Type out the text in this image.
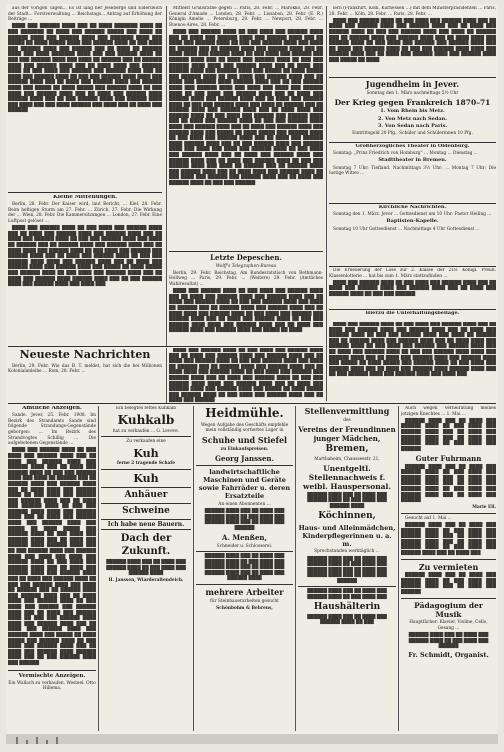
aus der vorigen Tagen... Es ist lang her Jeseberge und Eiderdeich der Stadt... Forstverwaltung ... Reichstags... Antrag auf Erhöhung der Beiträge ...

████ ███ ██████ ████ ███ ██ ████ ███████ ████ ██ ███ ███████ ██ ████ ███ ██████ █████ ███ ████ ██ ██████ ████ ███ ██████ ████ ███ ███████ ████ ███ █████ ██ ████ █████ ████ ███ ██████ ████ ██ ███ ████ ███ ██████ ████ ███ ██████ ███ ██ ████ ██ ██████ ████ ███ ████ ███████ ████ ███ ███ ██████ ████ ██ ███ ███ ██████ ████ ███ ████ ██ ██████ ███ ██ ██████ ████ ███ ██████ ████ ███ ██ ████ ████ ███ ██████ ████ ██ ███ ████ ███ ██████ ███ ██████ ████ ███ ██ ████ ███ ██████ ████ ██ ███ ███ ██████ ████ ████ ███ ██████ ████ ███ ██ ████ ███ ██████ ████ ███ ██████ ████ ███ █████ ██ ████ █████ ███ ██████ ████ ██ ███ ████ ███ ██████ ████ ███ ██ ████ ███ ██████ ████ ██████ ████ ███ ██ ███ ██████ ████ ███ ██████ ████ ███ ████ ███ ███ ████ ██████ ███ ████ ███ ██ ████ ███ ██████

Kleine Mitteilungen.

Berlin, 28. Febr. Der Kaiser wird, laut Bericht, ... Kiel, 28. Febr. Beim heftigen Sturm am 27. Febr. ... Zürich, 27. Febr. Die Wirkung der ... Wien, 28. Febr. Die Kammersitzungen ... London, 27. Febr. Eine Luftpost gelöset ...

████ ███ ██████ ████ ██ ███ ████ ███ ██████ ████ ███ ██ ████ ███ ██████ ████ ███ ██████ ████ ███ ██ ████ ███ ██████ ████ ██ ███ ███ ██████ ████ ███ ████ ██ ██████ ███ ██ ██████ ████ ███ ██████ ████ ███ ██ ████ ████ ███ ██████ ████ ██ ███ ████ ███ ██████ ███ ██████ ████ ███ ██ ████ ███ ██████ ████ ██ ███ ███ ██████ ████ ████ ███ ██████ ████ ███ ██ ████ ███ ██████ ████ ███ ██████ ████ ███ █████ ██ ████ █████ ███ ██████ ████ ██ ███ ████ ███ ██████ ████ ███ ██ ████ ███ ██████ ████ ██████ ████ ███ ██ ███ ██████ ████ ███ ██████ ████ ███ ████ ███

Mittelst Grubsrathe gegen ... Paris, 28. Febr. ... Marokko, 28. Febr. General d'Amade ... London, 28. Febr. ... Lissabon, 28. Febr. (E. R.) Königin Amelie ... Petersburg, 28. Febr. ... Newport, 28. Febr. ... Buenos-Aires, 28. Febr. ...

████ ███ ██████ ████ ██ ███ ████ ███ ██████ ████ ███ ██ ████ ███ ██████ ████ ███ ██████ ████ ███ ██ ████ ███ ██████ ████ ██ ███ ███ ██████ ████ ███ ████ ██ ██████ ███ ██ ██████ ████ ███ ██████ ████ ███ ██ ████ ████ ███ ██████ ████ ██ ███ ████ ███ ██████ ███ ██████ ████ ███ ██ ████ ███ ██████ ████ ██ ███ ███ ██████ ████ ████ ███ ██████ ████ ███ ██ ████ ███ ██████ ████ ███ ██████ ████ ███ █████ ██ ████ █████ ███ ██████ ████ ██ ███ ████ ███ ██████ ████ ███ ██ ████ ███ ██████ ████ ██████ ████ ███ ██ ███ ██████ ████ ███ ██████ ████ ███ ████ ███ ████ ███ ██████ ████ ██ ███ ████ ███ ██████ ████ ███ ██ ████ ███ ██████ ████ ███ ██████ ████ ███ ██ ████ ███ ██████ ████ ██ ███ ███ ██████ ████ ███ ████ ██ ██████ ███ ██ ██████ ████ ███ ██████ ████ ███ ██ ████ ████ ███ ██████ ████ ██ ███ ████ ███ ██████ ███ ██████ ████ ███ ██ ████ ███ ██████ ████ ██ ███ ███ ██████ ████ ████ ███ ██████ ████ ███ ██ ████ ███ ██████ ████ ███ ██████ ████ ███ █████ ██ ████ █████ ███ ██████ ████ ██ ███ ████ ███ ██████ ████ ███ ██ ████ ███ ██████ ████ ██████ ████ ███ ██ ███ ██████ ████ ███ ██████ ████ ███ ████ ███ ████ ███ ██████ ████ ██ ███ ████ ███ ██████ ████ ███ ██ ████ ███ ██████ ████ ███ ██████ ████ ███ ██ ████ ███ ██████ ████ ██ ███ ███ ██████ ████ ███ ████ ██ ██████ ███ ██ ██████ ████ ███ ██████ ████ ███ ██ ████ ████ ███ ██████ ████ ██ ███ ████ ███ ██████ ███ ██████ ████ ███ ██ ████ ███ ██████ ████ ██ ███ ███ ██████

Letzte Depeschen.

Wolff's Telegraphen-Bureau

Berlin, 29. Febr. Reichstag. Am Bundesratstisch von Bethmann-Hollweg ... Paris, 29. Febr. ... (Weitere) 29. Febr. (Amtliches Wahlresultat) ...

████ ███ ██████ ████ ██ ███ ████ ███ ██████ ████ ███ ██ ████ ███ ██████ ████ ███ ██████ ████ ███ ██ ████ ███ ██████ ████ ██ ███ ███ ██████ ████ ███ ████ ██ ██████ ███ ██ ██████ ████ ███ ██████ ████ ███ ██ ████ ████ ███ ██████ ████ ██ ███ ████ ███ ██████ ███ ██████ ████ ███ ██ ████ ███ ██████ ████ ██ ███ ███ ██████ ████ ████ ███ ██████ ████ ███ ██ ████ ███ ██████ ████ ███ ██████ ████ ███ █████ ██ ████

Neueste Nachrichten

Berlin, 29. Febr. Wie das B. T. meldet, hat sich die bei Millionen Kolonialanleihe ... Rom, 28. Febr. ...

████ ███ ██████ ████ ██ ███ ████ ███ ██████ ████ ███ ██ ████ ███ ██████ ████ ███ ██████ ████ ███ ██ ████ ███ ██████ ████ ██ ███ ███ ██████ ████ ███ ████ ██ ██████ ███ ██ ██████ ████ ███ ██████ ████ ███ ██ ████ ████ ███ ██████ ████ ██ ███ ████ ███ ██████ ███ ██████ ████ ███ ██ ████ ███ ██████ ████ ██ ███ ███ ██████ ████ ████ ███ ██████ ████ ███ ██ ████ ███ ██████ ████ ███ ██████ ████ ███ █████ ██ ████ █████ ███ ██████ ████ ██ ███ ████ ███ ██████ ████ ███ ██ ████ ███ ██████

lern (Frankfurt, Köln, Kurhessen ...) mit dem Ministerpräsidenten ... Paris, 28. Febr. ... Köln, 28. Febr. ... Paris, 28. Febr. ...

████ ███ ██████ ████ ██ ███ ████ ███ ██████ ████ ███ ██ ████ ███ ██████ ████ ███ ██████ ████ ███ ██ ████ ███ ██████ ████ ██ ███ ███ ██████ ████ ███ ████ ██ ██████ ███ ██ ██████ ████ ███ ██████ ████ ███ ██ ████ ████ ███ ██████ ████ ██ ███ ████ ███ ██████ ███ ██████ ████ ███ ██ ████ ███ ██████ ████ ██ ███ ███ ██████ ████ ████ ███ ██████ ████ ███ ██ ████ ███ ██████ ████ ███ ██████ ████ ███ █████ ██ ████

Jugendheim in Jever.

Sonntag den 1. März nachmittags 5½ Uhr

Der Krieg gegen Frankreich 1870–71

1. Vom Rhein bis Metz.

2. Von Metz nach Sedan.

3. Von Sedan nach Paris.

Eintrittsgeld 20 Pfg., Schüler und Schülerinnen 10 Pfg.

Großherzogliches Theater in Oldenburg.

Sonntag: „Prinz Friedrich von Homburg“ ... Montag ... Dienstag ...

Stadttheater in Bremen.

Sonntag 7 Uhr: Tiefland. Nachmittags 3½ Uhr: ... Montag 7 Uhr: Die lustige Witwe ...

Kirchliche Nachrichten.

Sonntag den 1. März. Jever ... Gottesdienst um 10 Uhr: Pastor Heiling ...

Baptisten-Kapelle.

Sonntag 10 Uhr Gottesdienst ... Nachmittags 4 Uhr Gottesdienst ...

Die Erneuerung der Lose zur 2. Klasse der 218. Königl. Preuß. Klassenlotterie ... hat bis zum 1. März stattzufinden ...

████ ███ ██████ ████ ██ ███ ████ ███ ██████ ████ ███ ██ ████ ███ ██████ ████ ███ ██████ ████ ███ ██ ████ ███ ██████ ████ ██ ███ ███ ██████

Hierzu die Unterhaltungsbeilage.

████ ███ ██████ ████ ██ ███ ████ ███ ██████ ████ ███ ██ ████ ███ ██████ ████ ███ ██████ ████ ███ ██ ████ ███ ██████ ████ ██ ███ ███ ██████ ████ ███ ████ ██ ██████ ███ ██ ██████ ████ ███ ██████ ████ ███ ██ ████ ████ ███ ██████ ████ ██ ███ ████ ███ ██████ ███ ██████ ████ ███ ██ ████ ███ ██████ ████ ██ ███ ███ ██████ ████ ████ ███ ██████ ████ ███ ██ ████ ███ ██████ ████ ███ ██████ ████ ███ █████ ██ ████ █████ ███ ██████ ████ ██ ███ ████ ███ ██████ ████ ███ ██ ████ ███ ██████ ████ ██████ ████ ███ ██ ███ ██████ ████ ███ ██████ ████ ███ ████ ███

Amtliche Anzeigen.

Sande. Jever, 25. Febr. 1908. Im Bezirk des Strandamts Sande sind folgende Strandungs-Gegenstände geborgen: ... Im Bezirk des Strandvogtes Schillig ... Die aufgebotenen Gegenstände ...

████ ███ ██████ ████ ██ ███ ████ ███ ██████ ████ ███ ██ ████ ███ ██████ ████ ███ ██████ ████ ███ ██ ████ ███ ██████ ████ ██ ███ ███ ██████ ████ ███ ████ ██ ██████ ███ ██ ██████ ████ ███ ██████ ████ ███ ██ ████ ████ ███ ██████ ████ ██ ███ ████ ███ ██████ ███ ██████ ████ ███ ██ ████ ███ ██████ ████ ██ ███ ███ ██████ ████ ████ ███ ██████ ████ ███ ██ ████ ███ ██████ ████ ███ ██████ ████ ███ █████ ██ ████ █████ ███ ██████ ████ ██ ███ ████ ███ ██████ ████ ███ ██ ████ ███ ██████ ████ ██████ ████ ███ ██ ███ ██████ ████ ███ ██████ ████ ███ ████ ███ ████ ███ ██████ ████ ██ ███ ████ ███ ██████ ████ ███ ██ ████ ███ ██████ ████ ███ ██████ ████ ███ ██ ████ ███ ██████ ████ ██ ███ ███ ██████ ████ ███ ████ ██ ██████ ███ ██ ██████ ████ ███ ██████ ████ ███ ██ ████ ████ ███ ██████ ████ ██ ███ ████ ███ ██████ ███ ██████ ████ ███ ██ ████ ███ ██████ ████ ██ ███ ███ ██████ ████ ████ ███ ██████ ████ ███ ██ ████ ███ ██████ ████ ███ ██████ ████ ███ █████ ██ ████ █████ ███ ██████ ████ ██ ███ ████ ███ ██████ ████ ███ ██ ████ ███ ██████ ████ ██████ ████ ███ ██ ███ ██████ ████ ███ ██████

Vermischte Anzeigen.

Ein Wallach zu verkaufen. Westeel. Otto Hillema.

Ein belegtes fettes Kuhkalb

Kuhkalb

hat zu verkaufen ... G. Leveve.

Zu verkaufen eine

Kuh

ferne 2 tragende Schafe

Kuh

Anhäuer

Schweine

Ich habe neue Bauern.

Dach der Zukunft.

██████ ████ ███ ██ ████ ███ ██████ ████ ██ ███ ████ ███ ██████ ████

H. Janssen, Wiarderaltendeich.

Heidmühle.

Wegen Aufgabe des Geschäfts empfehle mein vollständig sortiertes Lager in

Schuhe und Stiefel

zu Einkaufspreisen.

Georg Janssen.

landwirtschaftliche Maschinen und Geräte sowie Fahrräder u. deren Ersatzteile

An einen Abonnenten ...

██████ ████ ███ ██ ████ ███ ██████ ████ ██ ███ ████ ███ ██████ ████ ███ ██ ████ ███ ██████

A. Menßen,

Schneider u. Schlosserei.

██████ ████ ███ ██ ████ ███ ██████ ████ ██ ███ ████ ███ ██████ ████ ███ ██ ████ ███ ██████ ████ ███ ██ ████ ███ ██████ ████

mehrere Arbeiter

für Steinhauerarbeiten gesucht

Schönbohm & Behrens,

Stellenvermittlung

des

Vereins der Freundinnen junger Mädchen,

Bremen,

Marthaheim, Chausseestr. 21,

Unentgeltl. Stellennachweis f. weibl. Hauspersonal.

██████ ████ ███ ██ ████ ███ ██████ ████ ██ ███ ████ ███ ██████ ████

Köchinnen,

Haus- und Alleinmädchen, Kinderpflegerinnen u. a. m.

Sprechstunden werktäglich ...

██████ ████ ███ ██ ████ ███ ██████ ████ ██ ███ ████ ███ ██████ ████ ███ ██ ████ ███ ██████ ████ ███ ██ ████ ███ ██████

██████ ████ ███ ██ ████ ███ ██████ ████ ██ ███ ████ ███

Haushälterin

██████ ████ ███ ██ ████ ███ ██████ ████ ██ ███

Auch wegen Verheiratung meines jetzigen Knechtes ... 1. Mai ...

██████ ████ ███ ██ ████ ███ ██████ ████ ██ ███ ████ ███ ██████ ████ ███ ██ ████ ███ ██████ ████ ███ ██ ████ ███ ██████ ████ ██ ███ ████ ███ ██████

Guter Fuhrmann

██████ ████ ███ ██ ████ ███ ██████ ████ ██ ███ ████ ███ ██████ ████ ███ ██ ████ ███ ██████ ████ ███ ██ ████ ███ ██████ ████ ██ ███ ████ ███ ██████ ████ ███ ██ ████ ███ ██████

Marie Ell.

Gesucht auf 1. Mai ...

██████ ████ ███ ██ ████ ███ ██████ ████ ██ ███ ████ ███ ██████ ████ ███ ██ ████ ███ ██████ ████ ███ ██ ████ ███ ██████ ████ ██ ███ ████ ███ ██████ ████ ███ ██ ████ ███

Zu vermieten

██████ ████ ███ ██ ████ ███ ██████ ████ ██ ███ ████ ███ ██████ ████ ███ ██ ████ ███ ██████

Pädagogium der Musik

Hauptfächer: Klavier, Violine, Cello, Gesang ...

██████ ████ ███ ██ ████ ███ ██████ ████ ██ ███ ████ ███ ██████

Fr. Schmidt, Organist.
